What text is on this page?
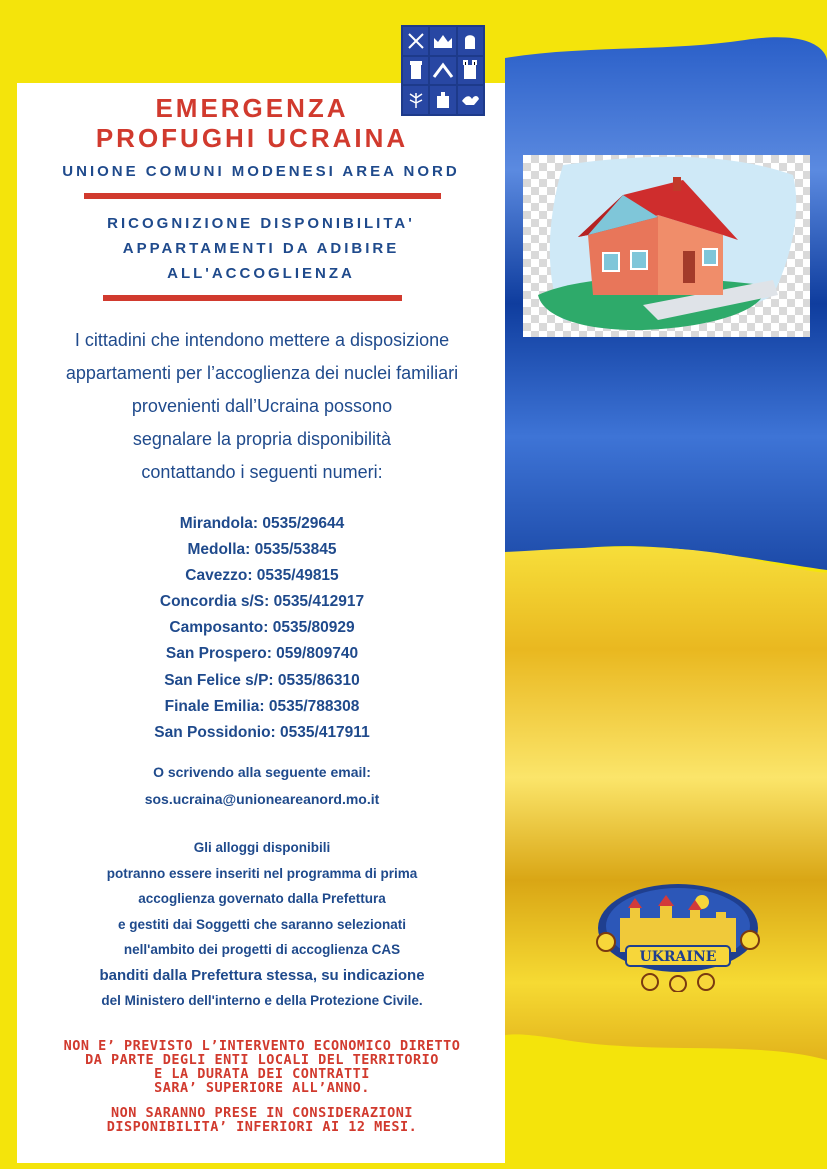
EMERGENZA
PROFUGHI UCRAINA
UNIONE COMUNI MODENESI AREA NORD
RICOGNIZIONE DISPONIBILITA'
APPARTAMENTI DA ADIBIRE
ALL'ACCOGLIENZA
I cittadini che intendono mettere a disposizione
appartamenti per l’accoglienza dei nuclei familiari
provenienti dall’Ucraina possono
segnalare la propria disponibilità
contattando i seguenti numeri:
Mirandola: 0535/29644
Medolla: 0535/53845
Cavezzo: 0535/49815
Concordia s/S: 0535/412917
Camposanto: 0535/80929
San Prospero: 059/809740
San Felice s/P: 0535/86310
Finale Emilia: 0535/788308
San Possidonio: 0535/417911
O scrivendo alla seguente email:
sos.ucraina@unioneareanord.mo.it
Gli alloggi disponibili
potranno essere inseriti nel programma di prima
accoglienza governato dalla Prefettura
e gestiti dai Soggetti che saranno selezionati
nell'ambito dei progetti di accoglienza CAS
banditi dalla Prefettura stessa, su indicazione
del Ministero dell'interno e della Protezione Civile.
NON E’ PREVISTO L’INTERVENTO ECONOMICO DIRETTO
DA PARTE DEGLI ENTI LOCALI DEL TERRITORIO
E LA DURATA DEI CONTRATTI
SARA’ SUPERIORE ALL’ANNO.
NON SARANNO PRESE IN CONSIDERAZIONI
DISPONIBILITA’ INFERIORI AI 12 MESI.
UKRAINE
